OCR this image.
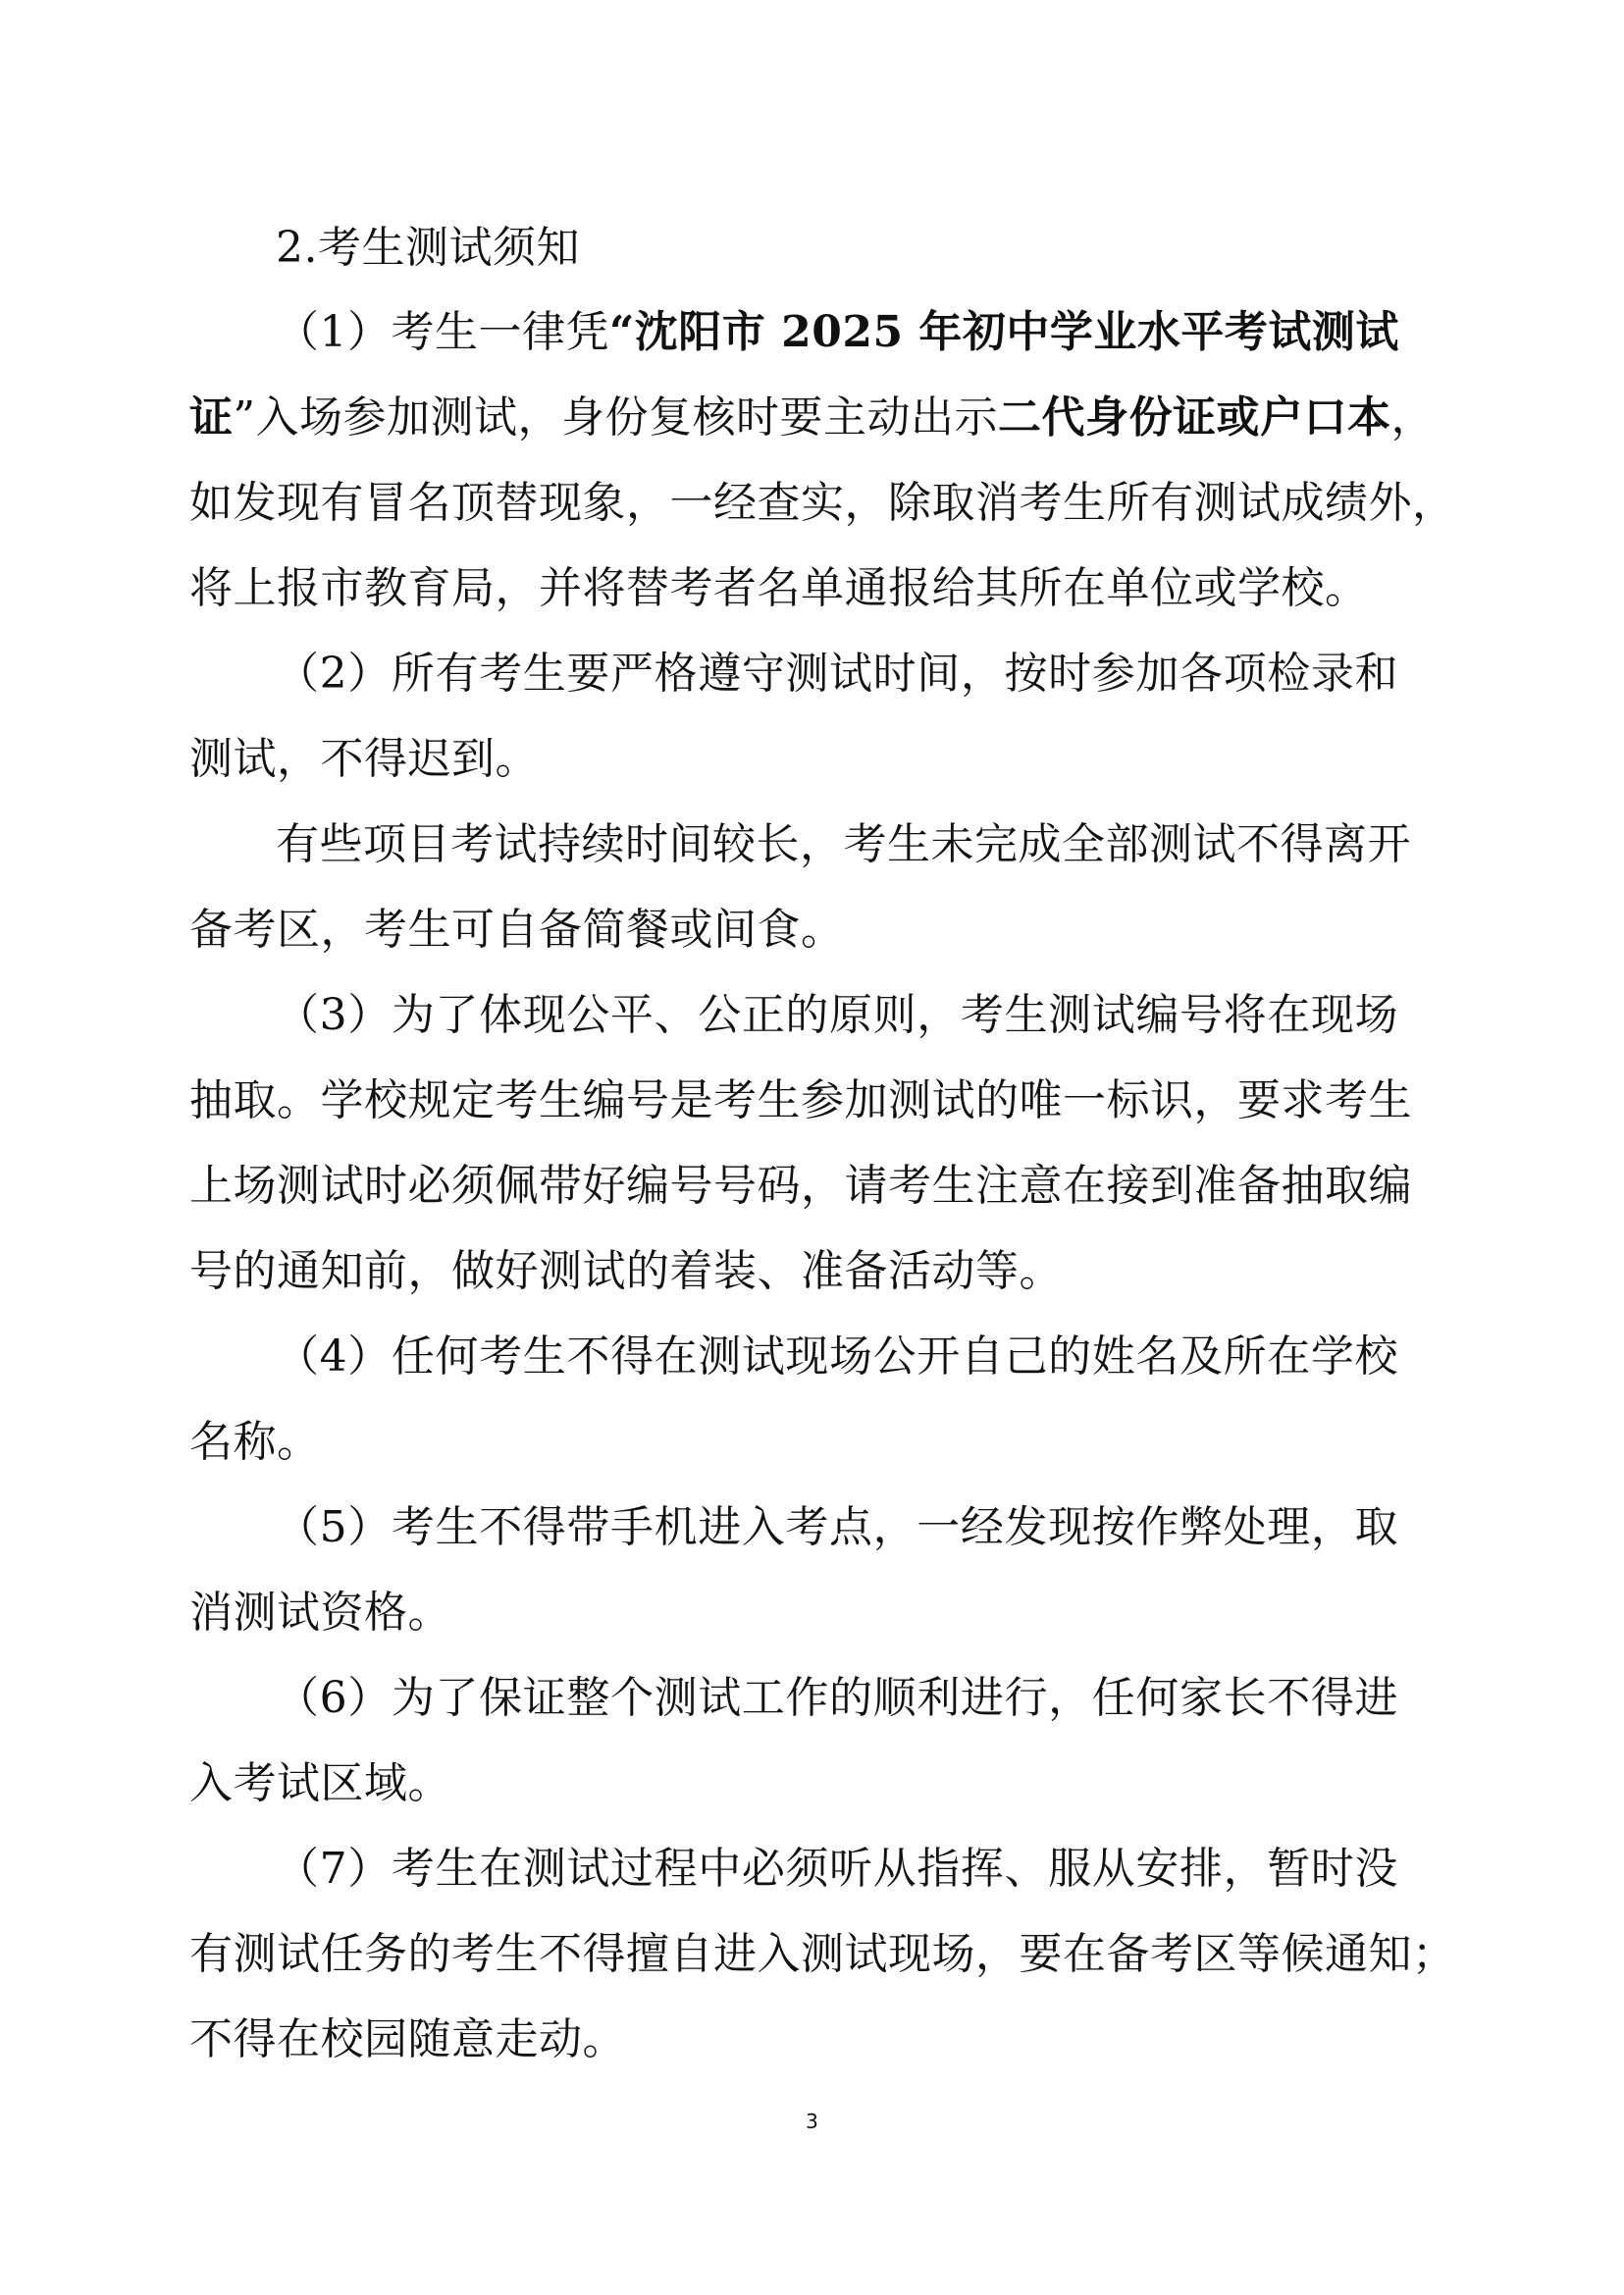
2.考生测试须知
（1）考生一律凭“沈阳市 2025 年初中学业水平考试测试
证”入场参加测试，身份复核时要主动出示二代身份证或户口本，
如发现有冒名顶替现象，一经查实，除取消考生所有测试成绩外，
将上报市教育局，并将替考者名单通报给其所在单位或学校。
（2）所有考生要严格遵守测试时间，按时参加各项检录和
测试，不得迟到。
有些项目考试持续时间较长，考生未完成全部测试不得离开
备考区，考生可自备简餐或间食。
（3）为了体现公平、公正的原则，考生测试编号将在现场
抽取。学校规定考生编号是考生参加测试的唯一标识，要求考生
上场测试时必须佩带好编号号码，请考生注意在接到准备抽取编
号的通知前，做好测试的着装、准备活动等。
（4）任何考生不得在测试现场公开自己的姓名及所在学校
名称。
（5）考生不得带手机进入考点，一经发现按作弊处理，取
消测试资格。
（6）为了保证整个测试工作的顺利进行，任何家长不得进
入考试区域。
（7）考生在测试过程中必须听从指挥、服从安排，暂时没
有测试任务的考生不得擅自进入测试现场，要在备考区等候通知；
不得在校园随意走动。
3
